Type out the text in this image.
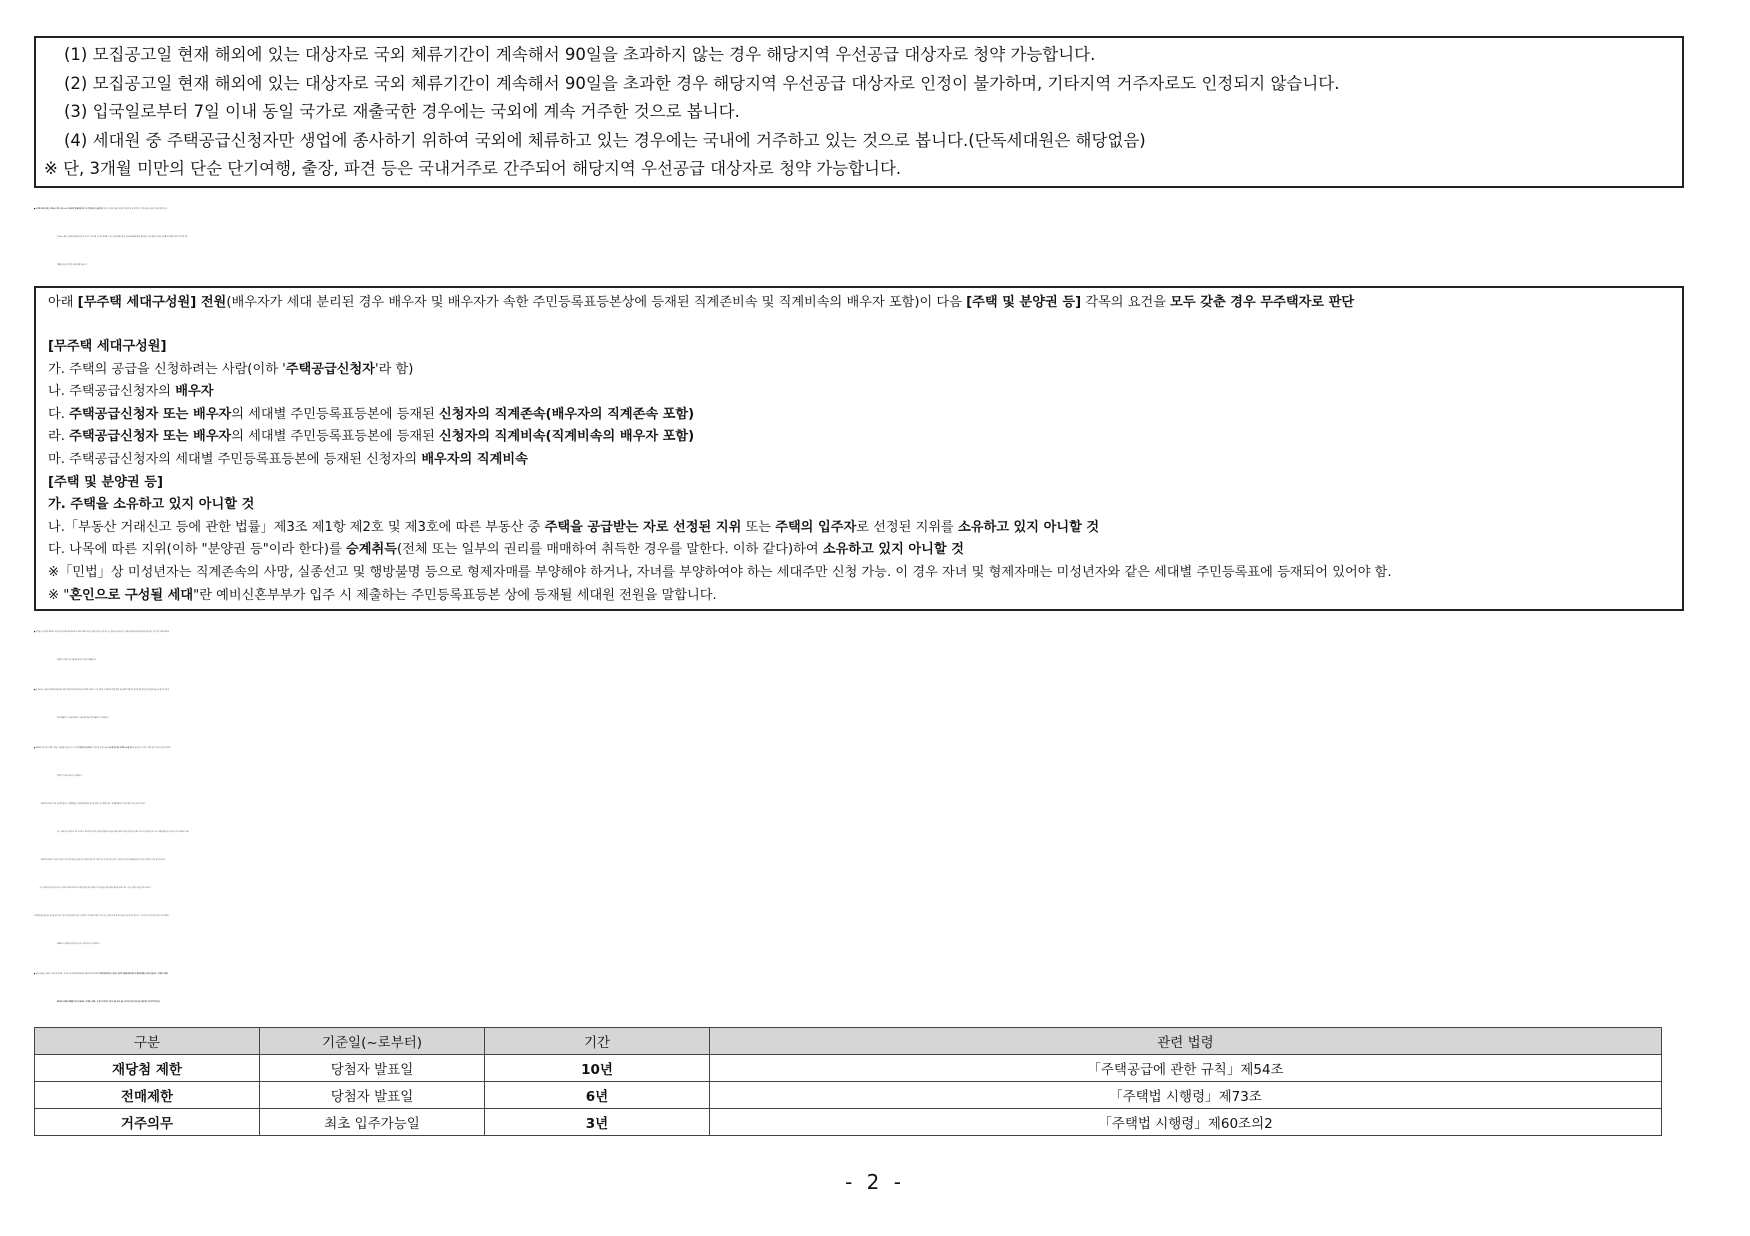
(1) 모집공고일 현재 해외에 있는 대상자로 국외 체류기간이 계속해서 90일을 초과하지 않는 경우 해당지역 우선공급 대상자로 청약 가능합니다.
(2) 모집공고일 현재 해외에 있는 대상자로 국외 체류기간이 계속해서 90일을 초과한 경우 해당지역 우선공급 대상자로 인정이 불가하며, 기타지역 거주자로도 인정되지 않습니다.
(3) 입국일로부터 7일 이내 동일 국가로 재출국한 경우에는 국외에 계속 거주한 것으로 봅니다.
(4) 세대원 중 주택공급신청자만 생업에 종사하기 위하여 국외에 체류하고 있는 경우에는 국내에 거주하고 있는 것으로 봅니다.(단독세대원은 해당없음)
※ 단, 3개월 미만의 단순 단기여행, 출장, 파견 등은 국내거주로 간주되어 해당지역 우선공급 대상자로 청약 가능합니다.
■ 무주택 세대구성원은 주택소유 여부, 자산, 소득, 중복청약 및 재당첨 여부 등의 검증대상 및 판단기준이 됩니다. 무주택 세대구성원의 기준일은 위 공고일이며, 그 이후 등본상 세대 구성원의 변경이 있는
경우(ex. 세대 구성원의 주민등록 이전 등) 공고일 기준 세대 구성원을 증명할 수 있는 주민등록표등본 및 초본(세대주와의 관계, 전입변동일 포함 발급)을 당첨자 서류와 같이 제출하여야 하며 증빙 서류
미제출로 인한 불이익은 당첨자에게 있습니다.
아래 [무주택 세대구성원] 전원(배우자가 세대 분리된 경우 배우자 및 배우자가 속한 주민등록표등본상에 등재된 직계존비속 및 직계비속의 배우자 포함)이 다음 [주택 및 분양권 등] 각목의 요건을 모두 갖춘 경우 무주택자로 판단
[무주택 세대구성원]
가. 주택의 공급을 신청하려는 사람(이하 '주택공급신청자'라 함)
나. 주택공급신청자의 배우자
다. 주택공급신청자 또는 배우자의 세대별 주민등록표등본에 등재된 신청자의 직계존속(배우자의 직계존속 포함)
라. 주택공급신청자 또는 배우자의 세대별 주민등록표등본에 등재된 신청자의 직계비속(직계비속의 배우자 포함)
마. 주택공급신청자의 세대별 주민등록표등본에 등재된 신청자의 배우자의 직계비속
[주택 및 분양권 등]
가. 주택을 소유하고 있지 아니할 것
나.「부동산 거래신고 등에 관한 법률」제3조 제1항 제2호 및 제3호에 따른 부동산 중 주택을 공급받는 자로 선정된 지위 또는 주택의 입주자로 선정된 지위를 소유하고 있지 아니할 것
다. 나목에 따른 지위(이하 "분양권 등"이라 한다)를 승계취득(전체 또는 일부의 권리를 매매하여 취득한 경우를 말한다. 이하 같다)하여 소유하고 있지 아니할 것
※「민법」상 미성년자는 직계존속의 사망, 실종선고 및 행방불명 등으로 형제자매를 부양해야 하거나, 자녀를 부양하여야 하는 세대주만 신청 가능. 이 경우 자녀 및 형제자매는 미성년자와 같은 세대별 주민등록표에 등재되어 있어야 함.
※ "혼인으로 구성될 세대"란 예비신혼부부가 입주 시 제출하는 주민등록표등본 상에 등재될 세대원 전원을 말합니다.
■ 신청접수는 당첨자 발표일이 동일한 주택 전체에 대해 1세대 내 무주택 세대구성원 중 1인만 신청 가능 합니다. 단, 본인이 금회 공급하는 주택에 특별공급과 일반공급에 중복신청은 가능하며, 이때 특별공급
당첨자로 선정될 경우 일반공급 당첨자 선정에서 제외됩니다.
■ 본 아파트는 건전한 주택청약 문화정착을 위한 정부의 방침에 따라 인터넷 청약을 원칙으로 하고 있으며, ①청약통장 가입은행 및 취급은행을 방문하여 인터넷 뱅킹 가입 및 공동인증서를 신청 접수일 이전에
미리 발급받거나, ②네이버인증서, ③금융인증서를 미리 발급받으시기 바랍니다.
■ 2018년 12월 11일 개정·시행된「주택공급에 관한 규칙」에 의거 분양권 및 입주권(이하 '분양권 등'이라 함)을 소유한 경우에도 주택을 소유한 것으로 판단하오니, 청약 시 관련 내용 미숙지로 인한 불이익이
발생하지 않도록 유의하시기 바랍니다.
- 시행일('18.12.11.) 이후 입주자모집공고, 사업계획승인, 관리처분계획인가 신청한 주택을 신규 계약한 경우, '공급계약체결일' 기준 주택을 소유한 것으로 봅니다.
(단, 시행일 이후 모집공고 등을 하였으나, 청약 미달로 인해 선착순의 방법으로 공급한 주택을 최초로 취득한 경우에는 주택을 소유하지 아니한 것으로 보나, 해당 분양권 등을 매수한 경우 주택소유로 봄.)
- 시행일('18.12.11.) 이전에 모집공고 등을 통해 공급한 분양권 등을 매매로 취득하여 시행일 이후 실거래 신고한 경우, 실거래 신고서상 '매매대금완납일' 기준으로 주택을 소유한 것으로 봅니다.
- 단, 시행일 전에 모집공고 등을 한 주택에 청약하여 취득하고 계신 분양권 등은 주택으로 보지 않습니다만, 해당 분양권의 주택을 취득 시에는 주택을 소유한 것으로 봅니다.
※ 일반공급의 입주자로 선정된 분은 입주 시까지 무주택 세대구성원을 유지해야 하며, 위의 '주택으로 보지 않는 분양권 등'의 주택 소유권을 향후 취득할 경우에도 그 자격을 유지하지 못한 것으로 보아 계약이
해제되고 본 주택의 입주가 불가능함을 유의하여 주시기 바랍니다.
■ 금회 공급되는 주택은「공공주택 특별법」에 의한 공공주택(국민주택(전용 85㎡이하주택))이며, 청약과열지역에서 공급되는 분양가 상한제 적용주택으로 재당첨 제한은 10년 적용되고,「주택법 시행령」
제73조에 의해 전매제한이 6년 적용되며,「주택법 시행령」에 의거 거주의무 기간이 적용 되며, 최초 입주가능일부터 3년 동안 계속하여 거주하여야 합니다.
구분	기준일(~로부터)	기간	관련 법령
재당첨 제한	당첨자 발표일	10년	「주택공급에 관한 규칙」제54조
전매제한	당첨자 발표일	6년	「주택법 시행령」제73조
거주의무	최초 입주가능일	3년	「주택법 시행령」제60조의2
- 2 -
